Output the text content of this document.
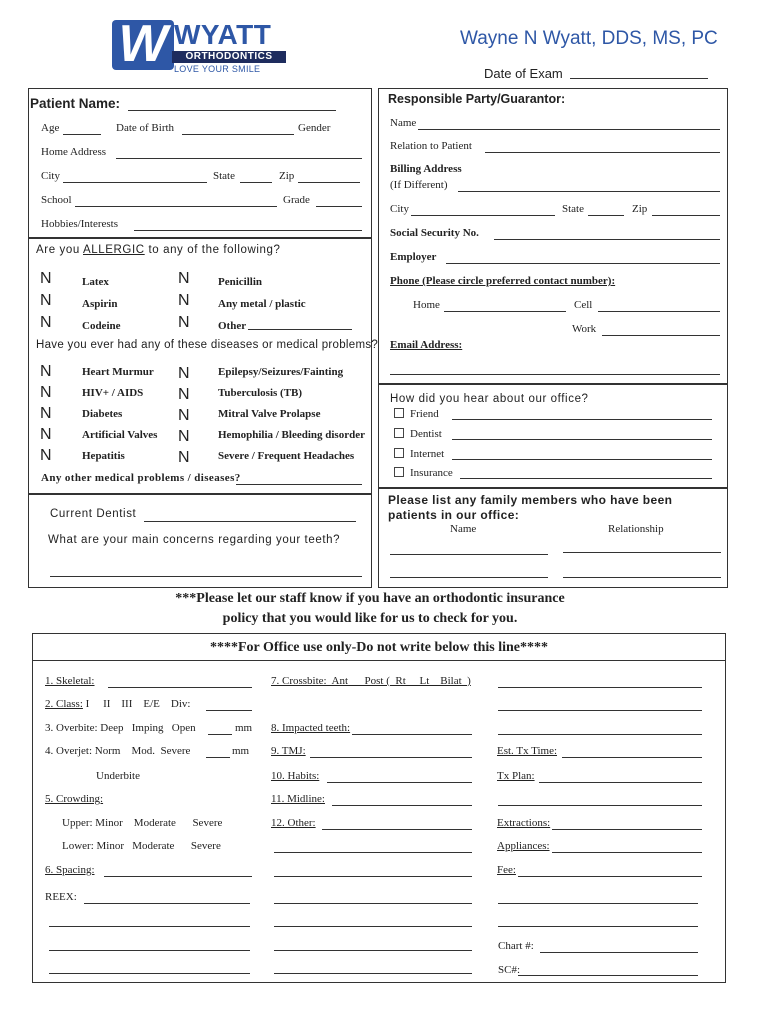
W WYATT
ORTHODONTICS
LOVE YOUR SMILE
Wayne N Wyatt, DDS, MS, PC
Date of Exam
Patient Name:
Age	Date of Birth	Gender
Home Address
City	State	Zip
School	Grade
Hobbies/Interests
Are you ALLERGIC to any of the following?
N	Latex	N	Penicillin
N	Aspirin	N	Any metal / plastic
N	Codeine	N	Other
Have you ever had any of these diseases or medical problems?
N	Heart Murmur N	Epilepsy/Seizures/Fainting
N	HIV+ / AIDS N	Tuberculosis (TB)
N	Diabetes	N	Mitral Valve Prolapse
N	Artificial Valves N	Hemophilia / Bleeding disorder
N	Hepatitis	N	Severe / Frequent Headaches
Any other medical problems / diseases?
Current Dentist
What are your main concerns regarding your teeth?
Responsible Party/Guarantor:
Name
Relation to Patient
Billing Address
(If Different)
City	State	Zip
Social Security No.
Employer
Phone (Please circle preferred contact number):
Home	Cell
Work
Email Address:
How did you hear about our office?
Friend
Dentist
Internet
Insurance
Please list any family members who have been patients in our office:
Name	Relationship
***Please let our staff know if you have an orthodontic insurance
policy that you would like for us to check for you.
****For Office use only-Do not write below this line****
1. Skeletal:
2. Class: I     II    III    E/E    Div:
3. Overbite: Deep   Imping   Open	mm
4. Overjet: Norm    Mod.  Severe	mm
Underbite
5. Crowding:
Upper: Minor    Moderate      Severe
Lower: Minor   Moderate      Severe
6. Spacing:
REEX:
7. Crossbite:  Ant      Post (  Rt     Lt    Bilat  )
8. Impacted teeth:
9. TMJ:
10. Habits:
11. Midline:
12. Other:
Est. Tx Time:
Tx Plan:
Extractions:
Appliances:
Fee:
Chart #:
SC#:
